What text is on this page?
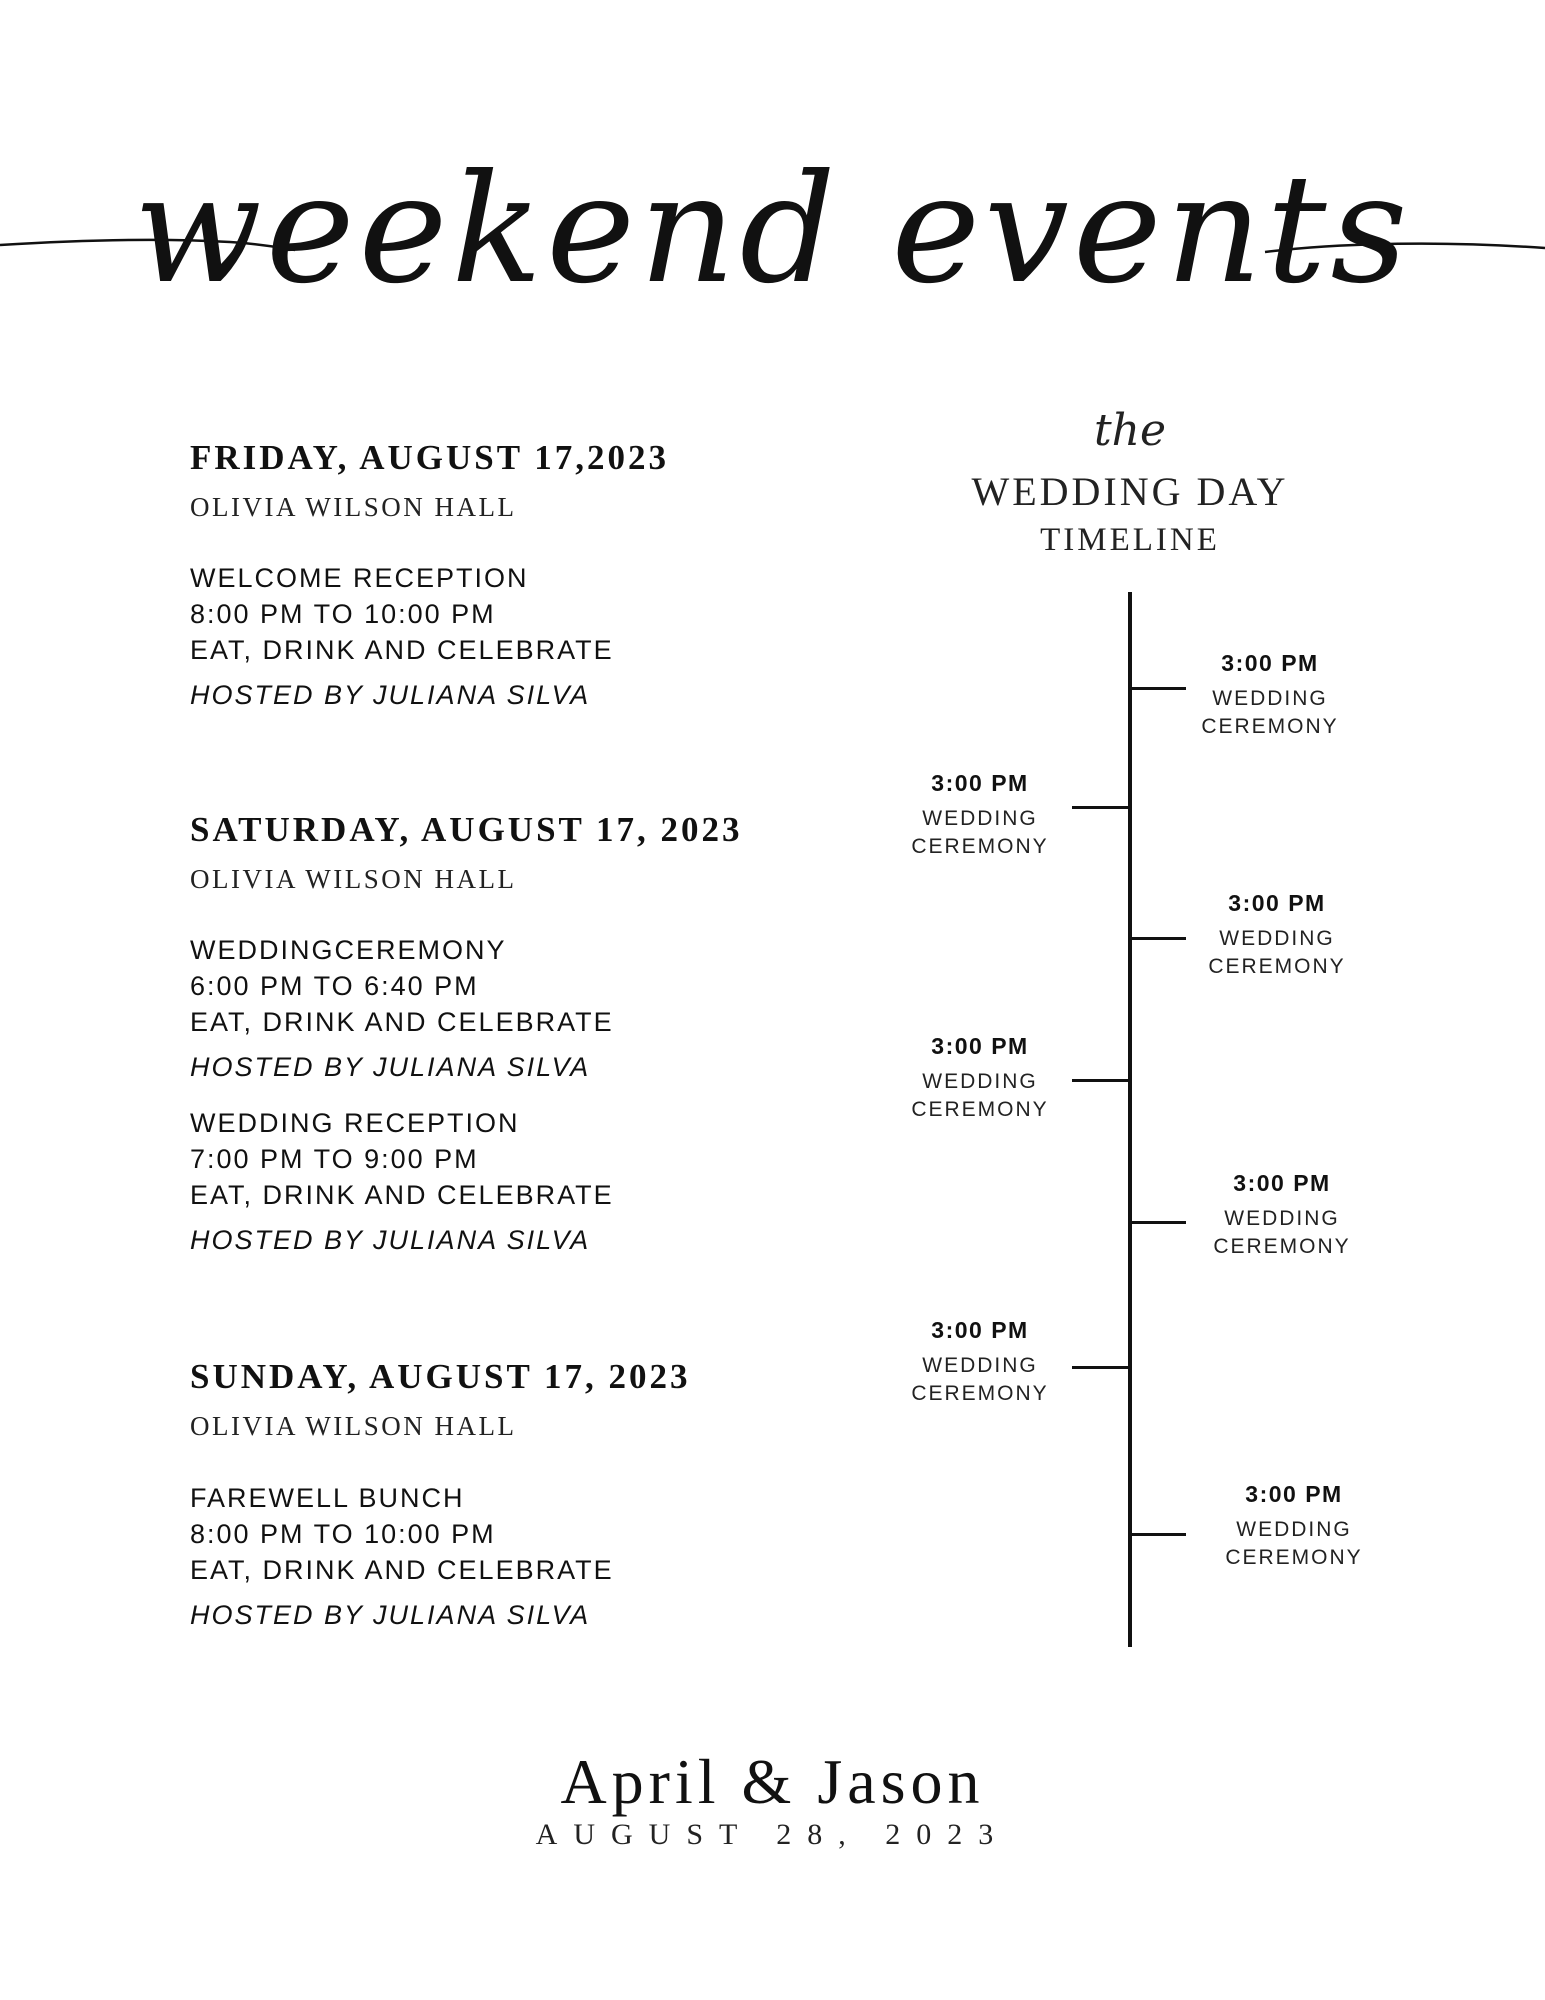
weekend events
FRIDAY, AUGUST 17,2023
OLIVIA WILSON HALL
WELCOME RECEPTION
8:00 PM TO 10:00 PM
EAT, DRINK AND CELEBRATE
HOSTED BY JULIANA SILVA
SATURDAY, AUGUST 17, 2023
OLIVIA WILSON HALL
WEDDINGCEREMONY
6:00 PM TO 6:40 PM
EAT, DRINK AND CELEBRATE
HOSTED BY JULIANA SILVA
WEDDING RECEPTION
7:00 PM TO 9:00 PM
EAT, DRINK AND CELEBRATE
HOSTED BY JULIANA SILVA
SUNDAY, AUGUST 17, 2023
OLIVIA WILSON HALL
FAREWELL BUNCH
8:00 PM TO 10:00 PM
EAT, DRINK AND CELEBRATE
HOSTED BY JULIANA SILVA
the
WEDDING DAY
TIMELINE
3:00 PM
WEDDING
CEREMONY
3:00 PM
WEDDING
CEREMONY
3:00 PM
WEDDING
CEREMONY
3:00 PM
WEDDING
CEREMONY
3:00 PM
WEDDING
CEREMONY
3:00 PM
WEDDING
CEREMONY
3:00 PM
WEDDING
CEREMONY
April & Jason
AUGUST 28, 2023
